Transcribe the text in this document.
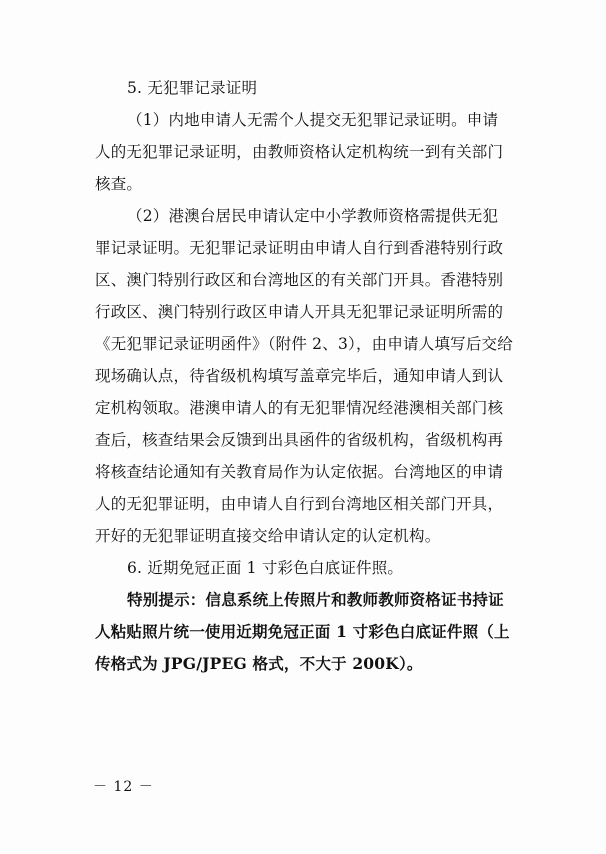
5. 无犯罪记录证明
（1）内地申请人无需个人提交无犯罪记录证明。申请
人的无犯罪记录证明，由教师资格认定机构统一到有关部门
核查。
（2）港澳台居民申请认定中小学教师资格需提供无犯
罪记录证明。无犯罪记录证明由申请人自行到香港特别行政
区、澳门特别行政区和台湾地区的有关部门开具。香港特别
行政区、澳门特别行政区申请人开具无犯罪记录证明所需的
《无犯罪记录证明函件》（附件 2、3），由申请人填写后交给
现场确认点，待省级机构填写盖章完毕后，通知申请人到认
定机构领取。港澳申请人的有无犯罪情况经港澳相关部门核
查后，核查结果会反馈到出具函件的省级机构，省级机构再
将核查结论通知有关教育局作为认定依据。台湾地区的申请
人的无犯罪证明，由申请人自行到台湾地区相关部门开具，
开好的无犯罪证明直接交给申请认定的认定机构。
6. 近期免冠正面 1 寸彩色白底证件照。
特别提示：信息系统上传照片和教师教师资格证书持证
人粘贴照片统一使用近期免冠正面 1 寸彩色白底证件照（上
传格式为 JPG/JPEG 格式，不大于 200K）。
－ 12 －
